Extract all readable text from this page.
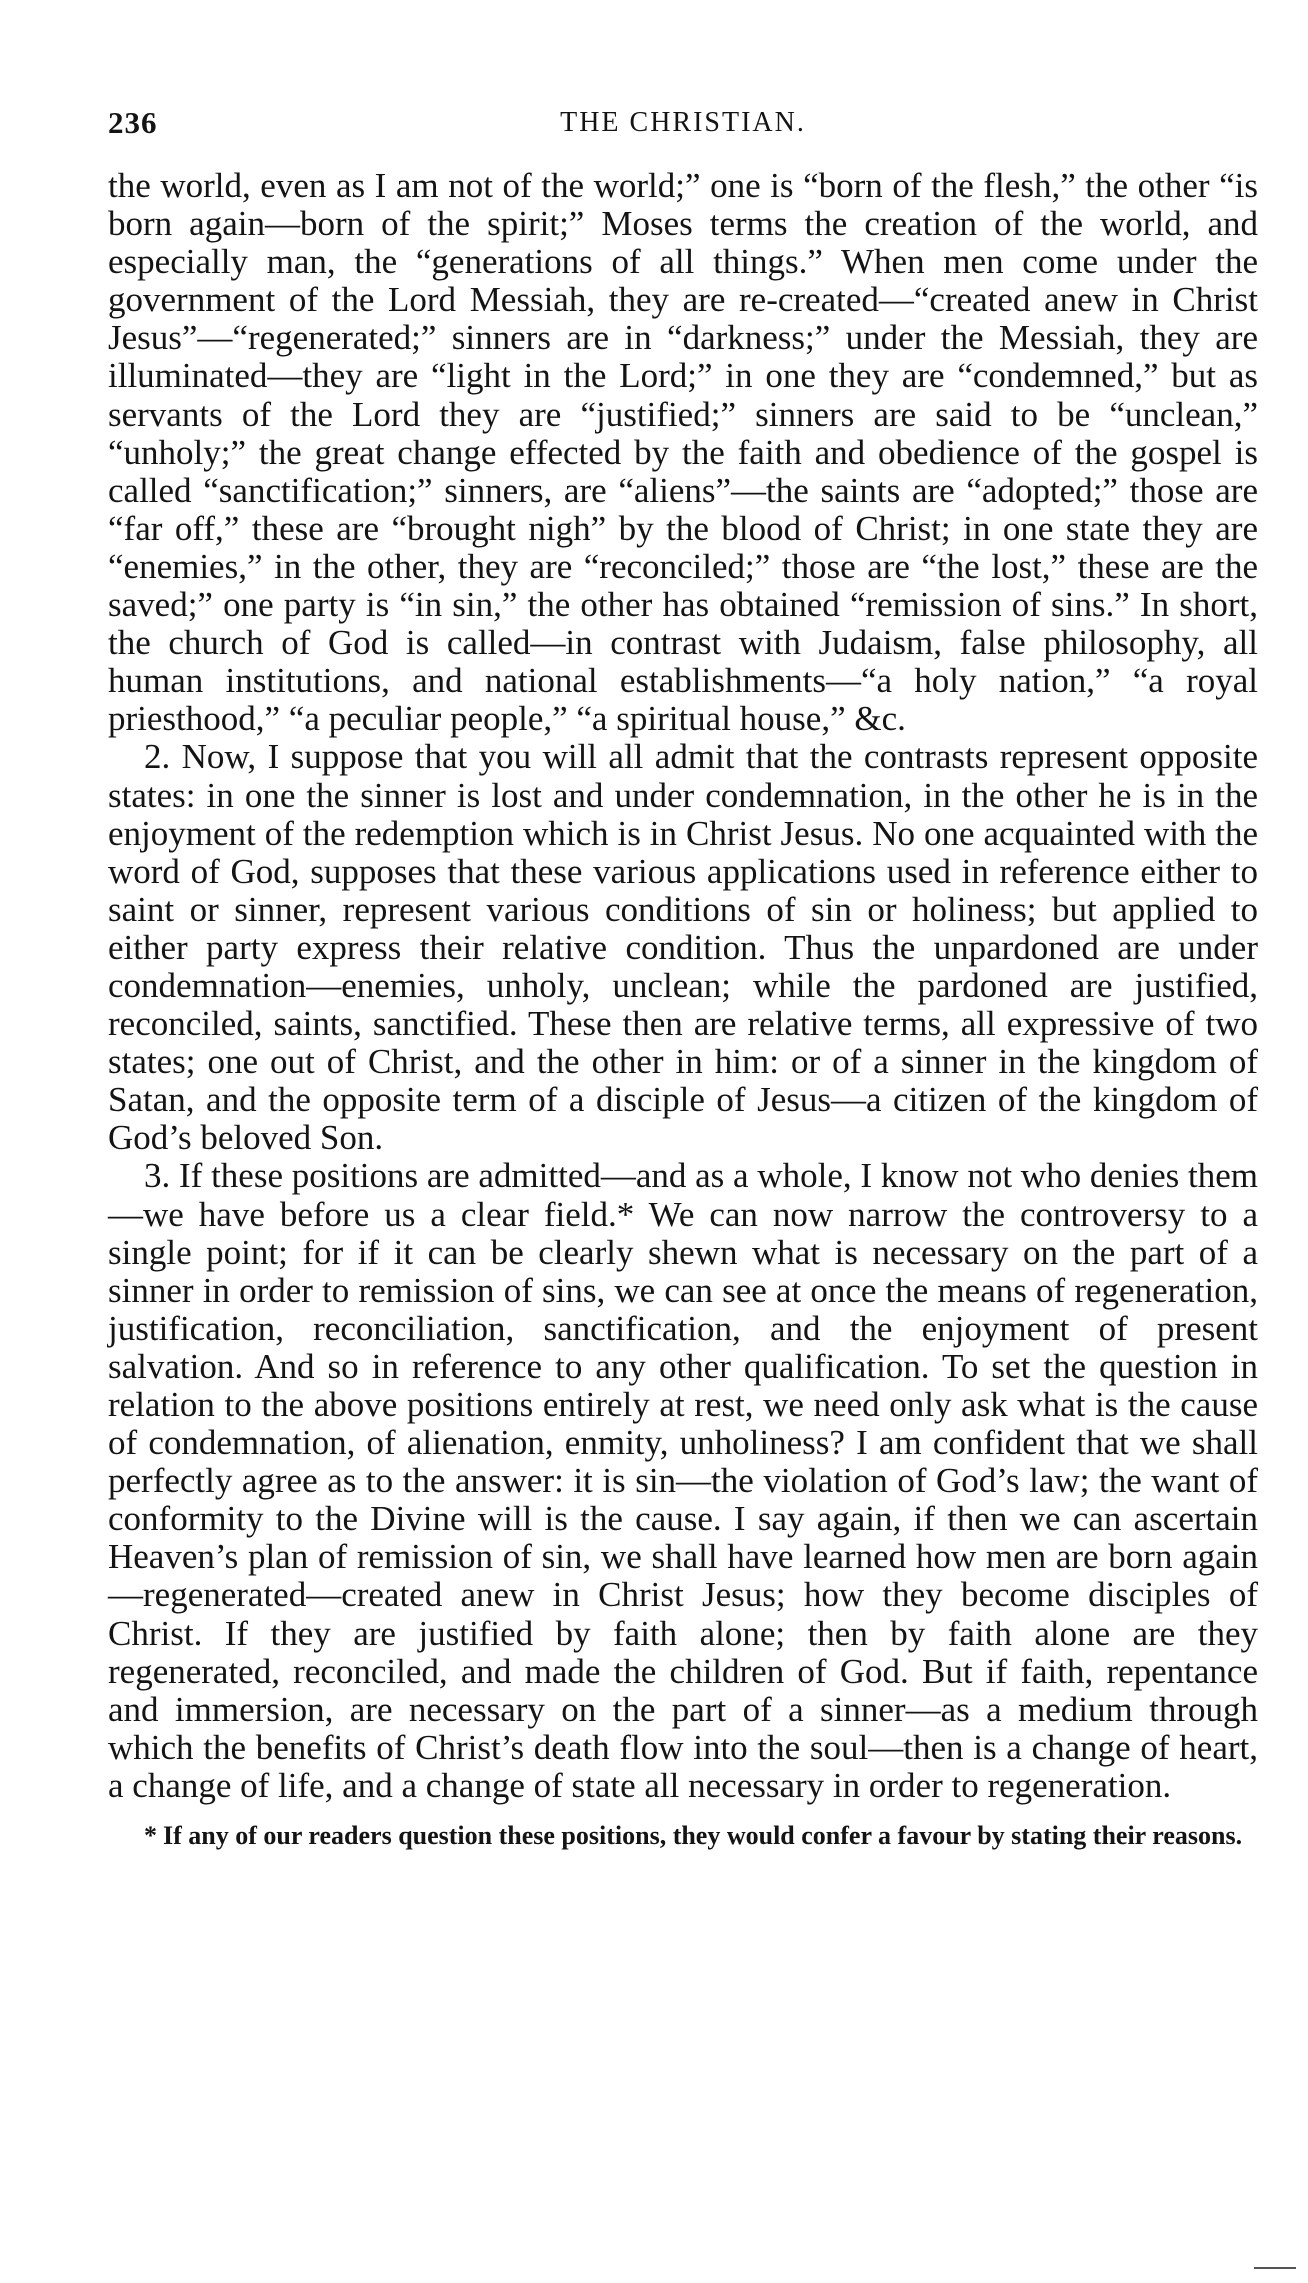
236	THE CHRISTIAN.

the world, even as I am not of the world;” one is “born of the flesh,” the other “is born again—born of the spirit;” Moses terms the creation of the world, and especially man, the “generations of all things.” When men come under the government of the Lord Messiah, they are re-created—“created anew in Christ Jesus”—“regenerated;” sinners are in “darkness;” under the Messiah, they are illuminated—they are “light in the Lord;” in one they are “condemned,” but as servants of the Lord they are “justified;” sinners are said to be “unclean,” “unholy;” the great change effected by the faith and obedience of the gospel is called “sanctification;” sinners, are “aliens”—the saints are “adopted;” those are “far off,” these are “brought nigh” by the blood of Christ; in one state they are “enemies,” in the other, they are “reconciled;” those are “the lost,” these are the saved;” one party is “in sin,” the other has obtained “remission of sins.” In short, the church of God is called—in contrast with Judaism, false philosophy, all human institutions, and national establishments—“a holy nation,” “a royal priesthood,” “a peculiar people,” “a spiritual house,” &c.

2. Now, I suppose that you will all admit that the contrasts represent opposite states: in one the sinner is lost and under condemnation, in the other he is in the enjoyment of the redemption which is in Christ Jesus. No one acquainted with the word of God, supposes that these various applications used in reference either to saint or sinner, represent various conditions of sin or holiness; but applied to either party express their relative condition. Thus the unpardoned are under condemnation—enemies, unholy, unclean; while the pardoned are justified, reconciled, saints, sanctified. These then are relative terms, all expressive of two states; one out of Christ, and the other in him: or of a sinner in the kingdom of Satan, and the opposite term of a disciple of Jesus—a citizen of the kingdom of God’s beloved Son.

3. If these positions are admitted—and as a whole, I know not who denies them—we have before us a clear field.* We can now narrow the controversy to a single point; for if it can be clearly shewn what is necessary on the part of a sinner in order to remission of sins, we can see at once the means of regeneration, justification, reconciliation, sanctification, and the enjoyment of present salvation. And so in reference to any other qualification. To set the question in relation to the above positions entirely at rest, we need only ask what is the cause of condemnation, of alienation, enmity, unholiness? I am confident that we shall perfectly agree as to the answer: it is sin—the violation of God’s law; the want of conformity to the Divine will is the cause. I say again, if then we can ascertain Heaven’s plan of remission of sin, we shall have learned how men are born again—regenerated—created anew in Christ Jesus; how they become disciples of Christ. If they are justified by faith alone; then by faith alone are they regenerated, reconciled, and made the children of God. But if faith, repentance and immersion, are necessary on the part of a sinner—as a medium through which the benefits of Christ’s death flow into the soul—then is a change of heart, a change of life, and a change of state all necessary in order to regeneration.

* If any of our readers question these positions, they would confer a favour by stating their reasons.
